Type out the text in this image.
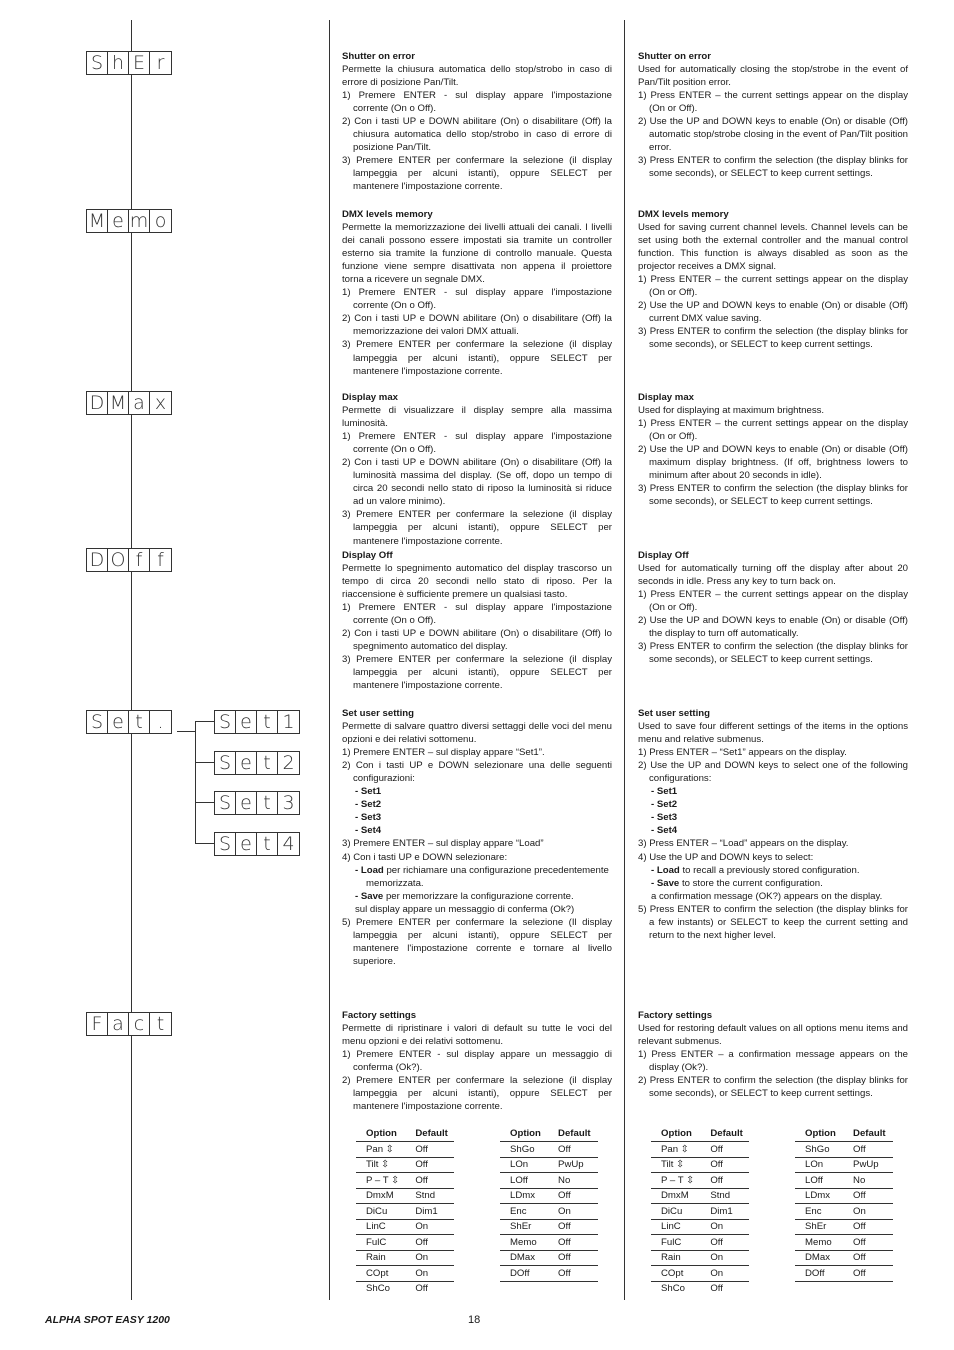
S h E r
M e m o
D M a x
D O f f
S e t .	S e t 1
S e t 2
S e t 3
S e t 4
F a c t
Shutter on error
Permette la chiusura automatica dello stop/strobo in caso di errore di posizione Pan/Tilt.
1) Premere ENTER - sul display appare l'impostazione corrente (On o Off).
2) Con i tasti UP e DOWN abilitare (On) o disabilitare (Off) la chiusura automatica dello stop/strobo in caso di errore di posizione Pan/Tilt.
3) Premere ENTER per confermare la selezione (il display lampeggia per alcuni istanti), oppure SELECT per mantenere l'impostazione corrente.
DMX levels memory
Permette la memorizzazione dei livelli attuali dei canali. I livelli dei canali possono essere impostati sia tramite un controller esterno sia tramite la funzione di controllo manuale. Questa funzione viene sempre disattivata non appena il proiettore torna a ricevere un segnale DMX.
1) Premere ENTER - sul display appare l'impostazione corrente (On o Off).
2) Con i tasti UP e DOWN abilitare (On) o disabilitare (Off) la memorizzazione dei valori DMX attuali.
3) Premere ENTER per confermare la selezione (il display lampeggia per alcuni istanti), oppure SELECT per mantenere l'impostazione corrente.
Display max
Permette di visualizzare il display sempre alla massima luminosità.
1) Premere ENTER - sul display appare l'impostazione corrente (On o Off).
2) Con i tasti UP e DOWN abilitare (On) o disabilitare (Off) la luminosità massima del display. (Se off, dopo un tempo di circa 20 secondi nello stato di riposo la luminosità si riduce ad un valore minimo).
3) Premere ENTER per confermare la selezione (il display lampeggia per alcuni istanti), oppure SELECT per mantenere l'impostazione corrente.
Display Off
Permette lo spegnimento automatico del display trascorso un tempo di circa 20 secondi nello stato di riposo. Per la riaccensione è sufficiente premere un qualsiasi tasto.
1) Premere ENTER - sul display appare l'impostazione corrente (On o Off).
2) Con i tasti UP e DOWN abilitare (On) o disabilitare (Off) lo spegnimento automatico del display.
3) Premere ENTER per confermare la selezione (il display lampeggia per alcuni istanti), oppure SELECT per mantenere l'impostazione corrente.
Set user setting
Permette di salvare quattro diversi settaggi delle voci del menu opzioni e dei relativi sottomenu.
1) Premere ENTER – sul display appare “Set1”.
2) Con i tasti UP e DOWN selezionare una delle seguenti configurazioni:
- Set1
- Set2
- Set3
- Set4
3) Premere ENTER – sul display appare “Load”
4) Con i tasti UP e DOWN selezionare:
- Load per richiamare una configurazione precedentemente memorizzata.
- Save per memorizzare la configurazione corrente.
sul display appare un messaggio di conferma (Ok?)
5) Premere ENTER per confermare la selezione (Il display lampeggia per alcuni istanti), oppure SELECT per mantenere l'impostazione corrente e tornare al livello superiore.
Factory settings
Permette di ripristinare i valori di default su tutte le voci del menu opzioni e dei relativi sottomenu.
1) Premere ENTER - sul display appare un messaggio di conferma (Ok?).
2) Premere ENTER per confermare la selezione (il display lampeggia per alcuni istanti), oppure SELECT per mantenere l'impostazione corrente.
Shutter on error
Used for automatically closing the stop/strobe in the event of Pan/Tilt position error.
1) Press ENTER – the current settings appear on the display (On or Off).
2) Use the UP and DOWN keys to enable (On) or disable (Off) automatic stop/strobe closing in the event of Pan/Tilt position error.
3) Press ENTER to confirm the selection (the display blinks for some seconds), or SELECT to keep current settings.
DMX levels memory
Used for saving current channel levels. Channel levels can be set using both the external controller and the manual control function. This function is always disabled as soon as the projector receives a DMX signal.
1) Press ENTER – the current settings appear on the display (On or Off).
2) Use the UP and DOWN keys to enable (On) or disable (Off) current DMX value saving.
3) Press ENTER to confirm the selection (the display blinks for some seconds), or SELECT to keep current settings.
Display max
Used for displaying at maximum brightness.
1) Press ENTER – the current settings appear on the display (On or Off).
2) Use the UP and DOWN keys to enable (On) or disable (Off) maximum display brightness. (If off, brightness lowers to minimum after about 20 seconds in idle).
3) Press ENTER to confirm the selection (the display blinks for some seconds), or SELECT to keep current settings.
Display Off
Used for automatically turning off the display after about 20 seconds in idle. Press any key to turn back on.
1) Press ENTER – the current settings appear on the display (On or Off).
2) Use the UP and DOWN keys to enable (On) or disable (Off) the display to turn off automatically.
3) Press ENTER to confirm the selection (the display blinks for some seconds), or SELECT to keep current settings.
Set user setting
Used to save four different settings of the items in the options menu and relative submenus.
1) Press ENTER – “Set1” appears on the display.
2) Use the UP and DOWN keys to select one of the following configurations:
- Set1
- Set2
- Set3
- Set4
3) Press ENTER – “Load” appears on the display.
4) Use the UP and DOWN keys to select:
- Load to recall a previously stored configuration.
- Save to store the current configuration.
a confirmation message (OK?) appears on the display.
5) Press ENTER to confirm the selection (the display blinks for a few instants) or SELECT to keep the current setting and return to the next higher level.
Factory settings
Used for restoring default values on all options menu items and relevant submenus.
1) Press ENTER – a confirmation message appears on the display (Ok?).
2) Press ENTER to confirm the selection (the display blinks for some seconds), or SELECT to keep current settings.
Option	Default
Pan ⇳	Off
Tilt ⇳	Off
P – T ⇳	Off
DmxM	Stnd
DiCu	Dim1
LinC	On
FulC	Off
Rain	On
COpt	On
ShCo	Off
Option	Default
ShGo	Off
LOn	PwUp
LOff	No
LDmx	Off
Enc	On
ShEr	Off
Memo	Off
DMax	Off
DOff	Off
Option	Default
Pan ⇳	Off
Tilt ⇳	Off
P – T ⇳	Off
DmxM	Stnd
DiCu	Dim1
LinC	On
FulC	Off
Rain	On
COpt	On
ShCo	Off
Option	Default
ShGo	Off
LOn	PwUp
LOff	No
LDmx	Off
Enc	On
ShEr	Off
Memo	Off
DMax	Off
DOff	Off
ALPHA SPOT EASY 1200	18
